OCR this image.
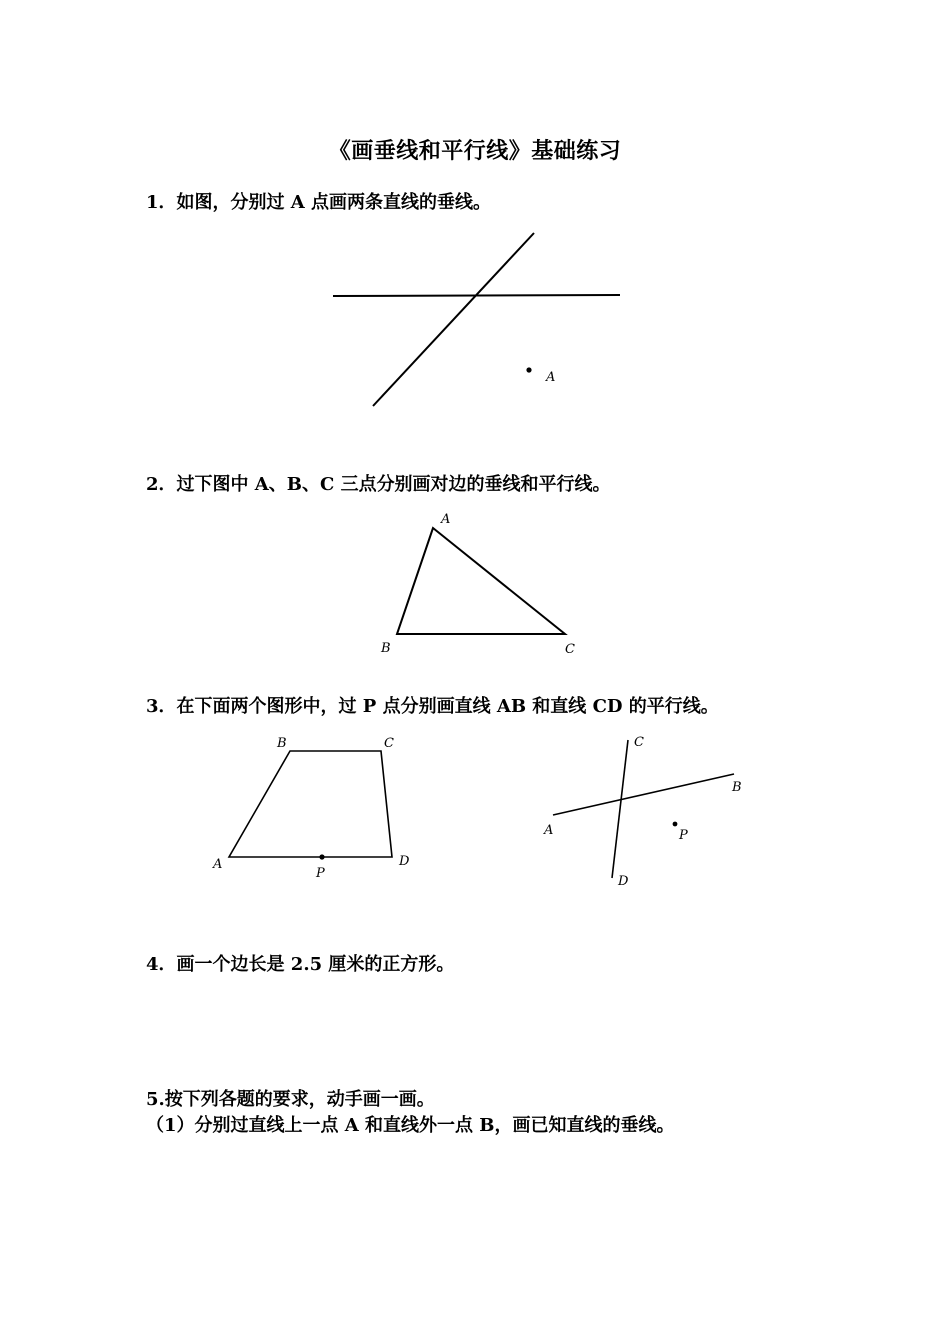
《画垂线和平行线》基础练习
1．如图，分别过 A 点画两条直线的垂线。
A
2．过下图中 A、B、C 三点分别画对边的垂线和平行线。
A
B	C
3．在下面两个图形中，过 P 点分别画直线 AB 和直线 CD 的平行线。
B	C
A	D
P
C
B
A
D
P
4．画一个边长是 2.5 厘米的正方形。
5.按下列各题的要求，动手画一画。
（1）分别过直线上一点 A 和直线外一点 B，画已知直线的垂线。
